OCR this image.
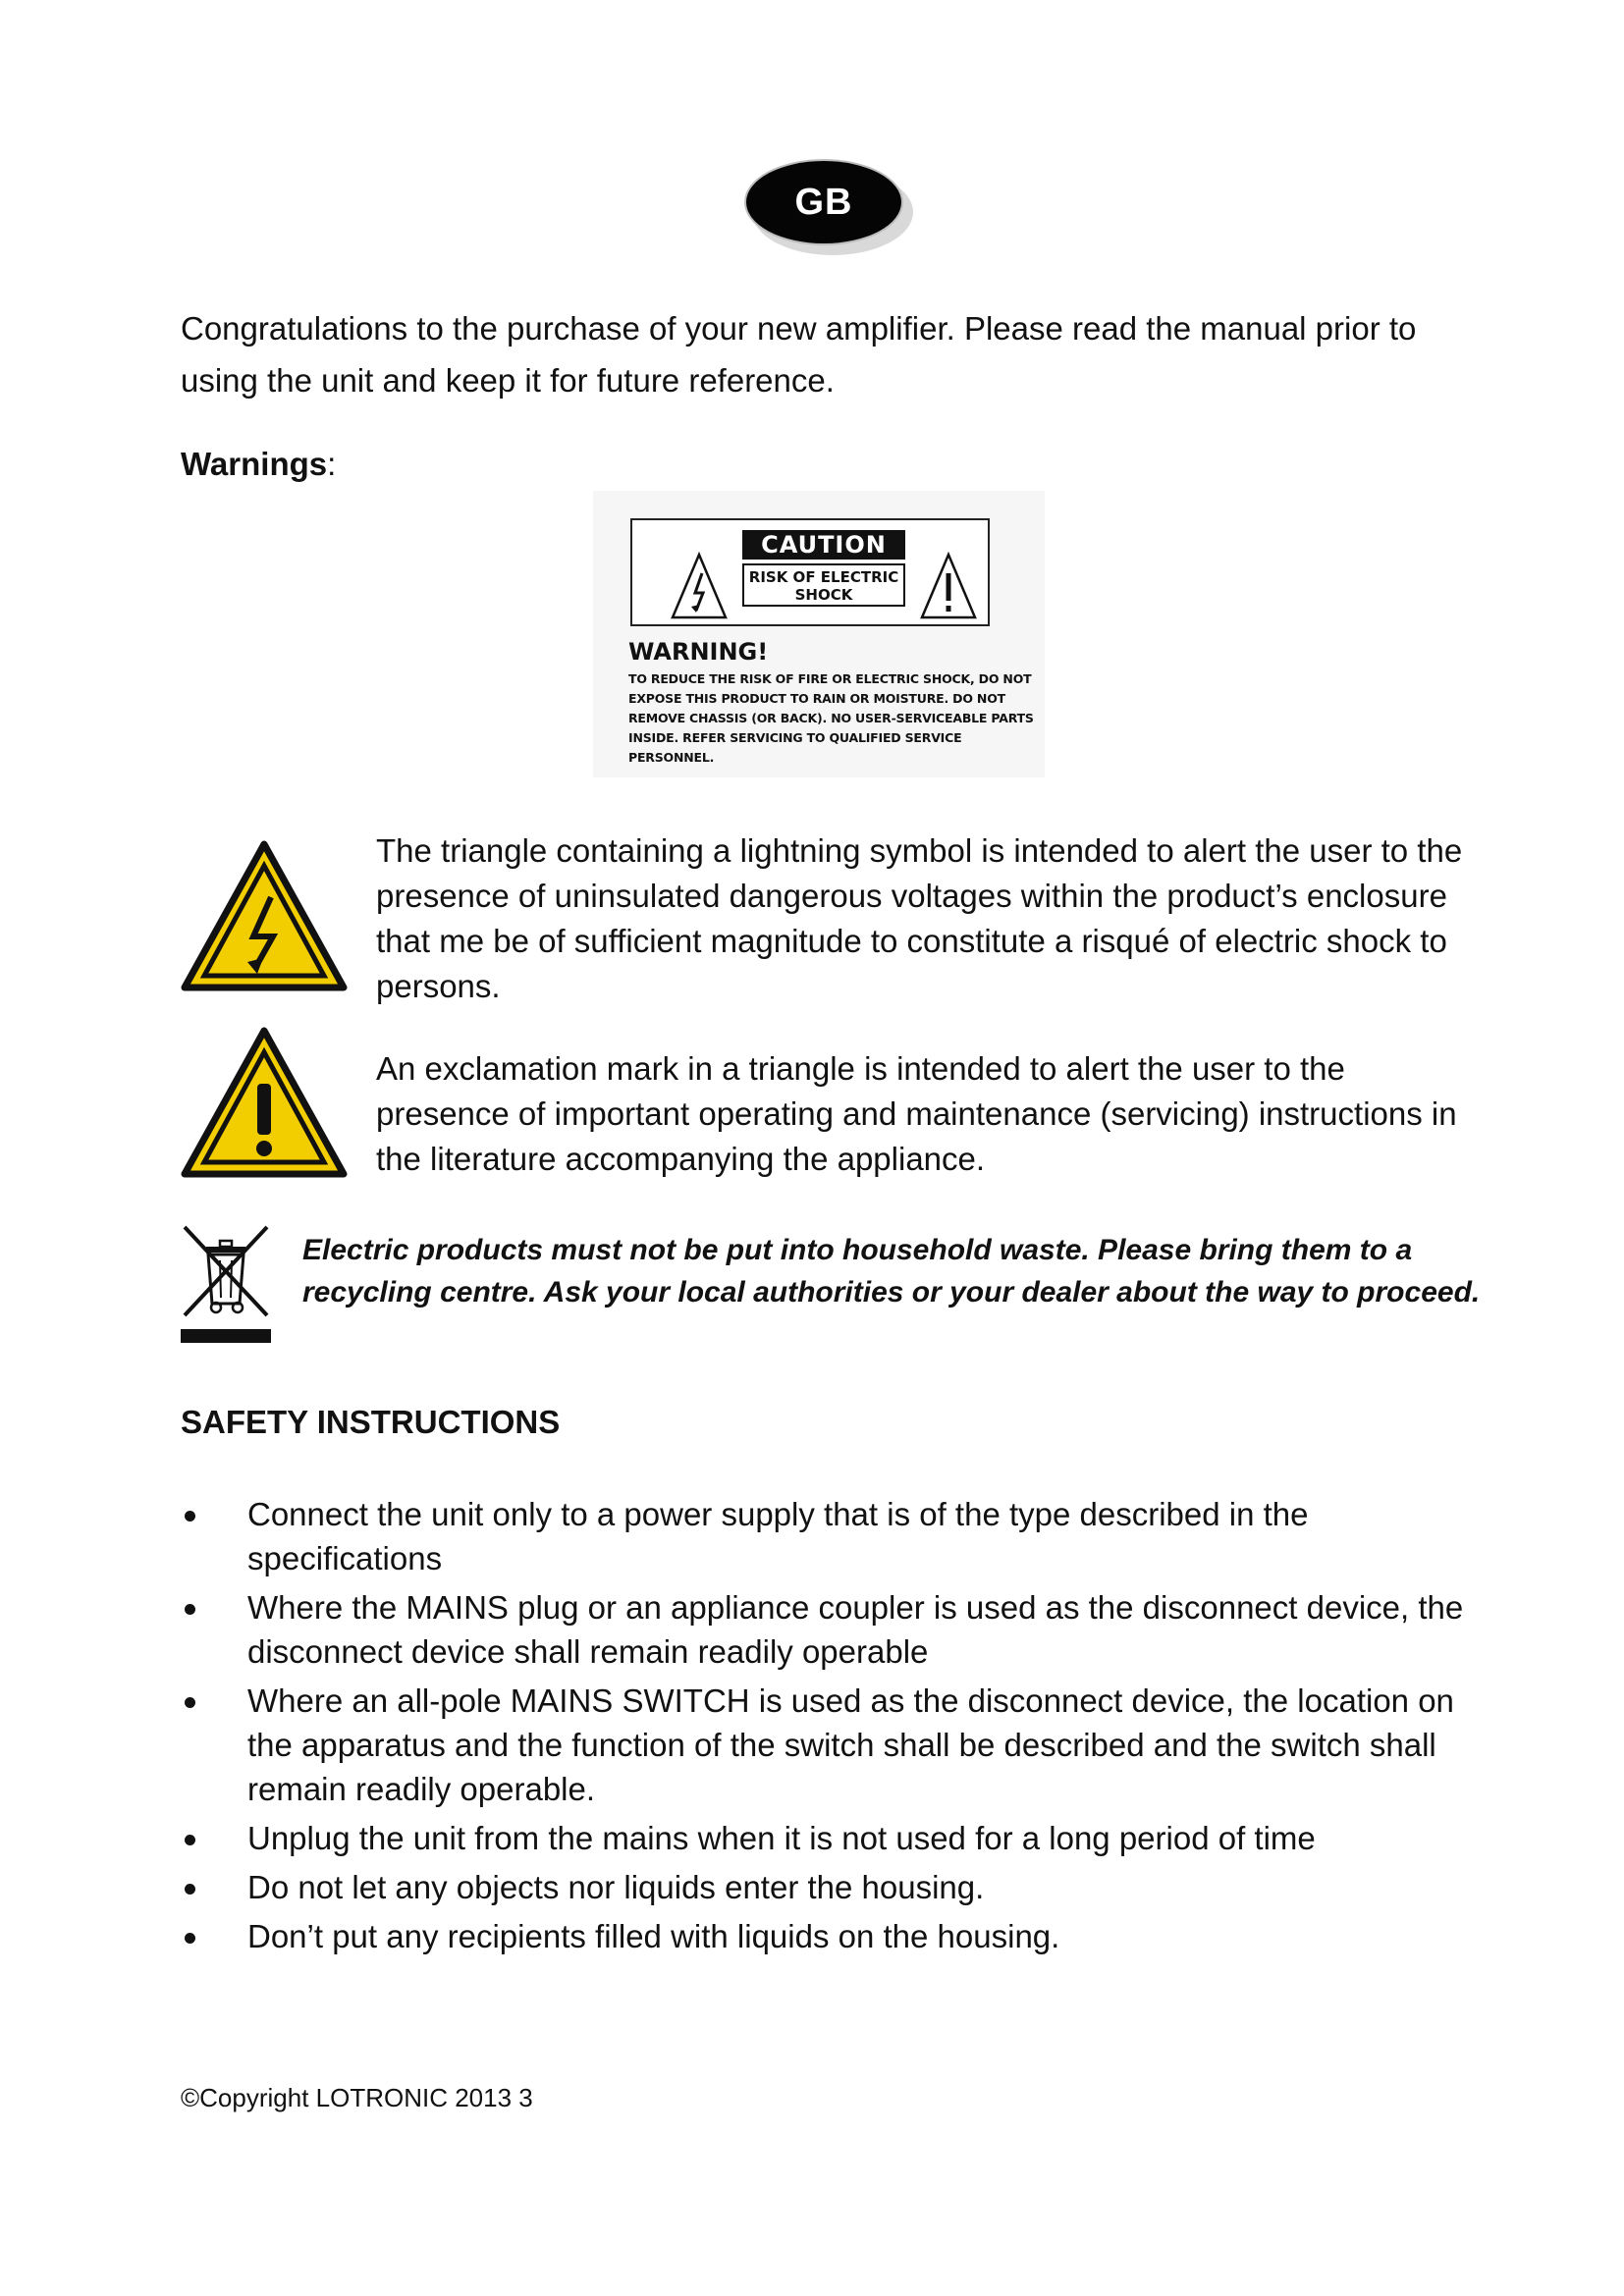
GB

Congratulations to the purchase of your new amplifier. Please read the manual prior to using the unit and keep it for future reference.

Warnings:

CAUTION
RISK OF ELECTRIC SHOCK
WARNING!
TO REDUCE THE RISK OF FIRE OR ELECTRIC SHOCK, DO NOT EXPOSE THIS PRODUCT TO RAIN OR MOISTURE. DO NOT REMOVE CHASSIS (OR BACK). NO USER-SERVICEABLE PARTS INSIDE. REFER SERVICING TO QUALIFIED SERVICE PERSONNEL.

The triangle containing a lightning symbol is intended to alert the user to the presence of uninsulated dangerous voltages within the product’s enclosure that me be of sufficient magnitude to constitute a risqué of electric shock to persons.

An exclamation mark in a triangle is intended to alert the user to the presence of important operating and maintenance (servicing) instructions in the literature accompanying the appliance.

Electric products must not be put into household waste. Please bring them to a recycling centre. Ask your local authorities or your dealer about the way to proceed.

SAFETY INSTRUCTIONS
Connect the unit only to a power supply that is of the type described in the specifications
Where the MAINS plug or an appliance coupler is used as the disconnect device, the disconnect device shall remain readily operable
Where an all-pole MAINS SWITCH is used as the disconnect device, the location on the apparatus and the function of the switch shall be described and the switch shall remain readily operable.
Unplug the unit from the mains when it is not used for a long period of time
Do not let any objects nor liquids enter the housing.
Don’t put any recipients filled with liquids on the housing.

©Copyright LOTRONIC 2013 3
